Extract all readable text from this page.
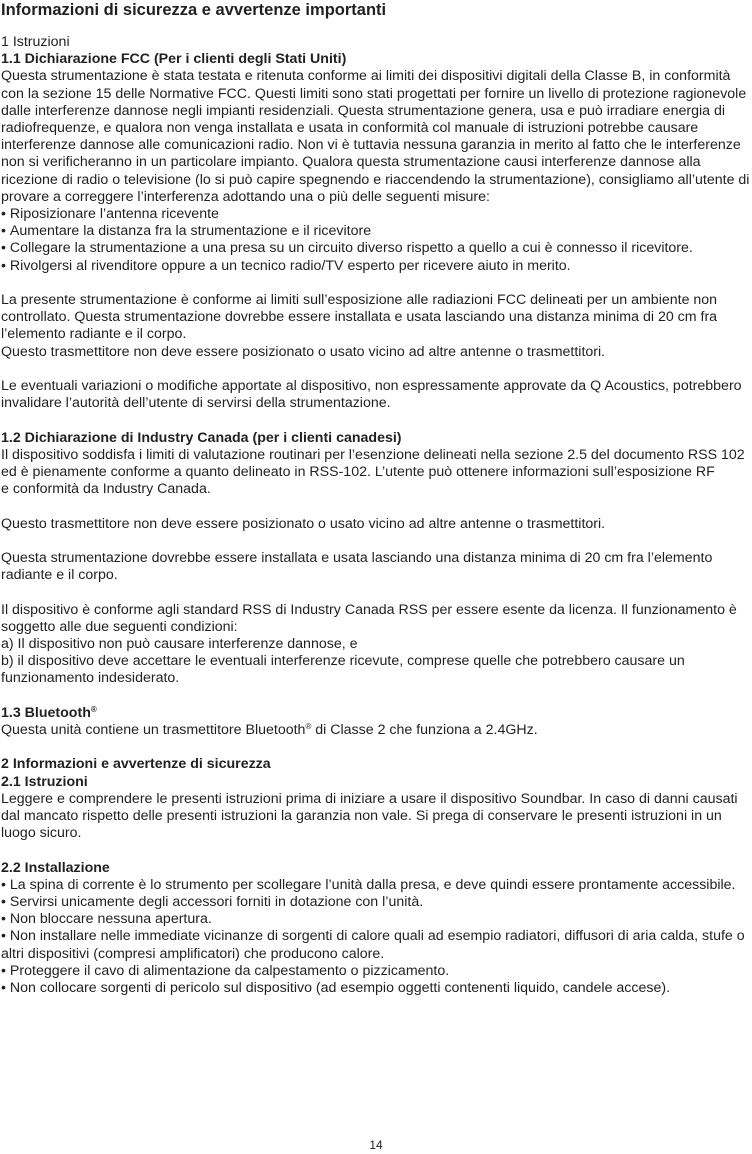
Informazioni di sicurezza e avvertenze importanti

1 Istruzioni

1.1 Dichiarazione FCC (Per i clienti degli Stati Uniti)

Questa strumentazione è stata testata e ritenuta conforme ai limiti dei dispositivi digitali della Classe B, in conformità con la sezione 15 delle Normative FCC. Questi limiti sono stati progettati per fornire un livello di protezione ragionevole dalle interferenze dannose negli impianti residenziali. Questa strumentazione genera, usa e può irradiare energia di radiofrequenze, e qualora non venga installata e usata in conformità col manuale di istruzioni potrebbe causare interferenze dannose alle comunicazioni radio. Non vi è tuttavia nessuna garanzia in merito al fatto che le interferenze non si verificheranno in un particolare impianto. Qualora questa strumentazione causi interferenze dannose alla ricezione di radio o televisione (lo si può capire spegnendo e riaccendendo la strumentazione), consigliamo all’utente di provare a correggere l’interferenza adottando una o più delle seguenti misure:

• Riposizionare l’antenna ricevente
• Aumentare la distanza fra la strumentazione e il ricevitore
• Collegare la strumentazione a una presa su un circuito diverso rispetto a quello a cui è connesso il ricevitore.
• Rivolgersi al rivenditore oppure a un tecnico radio/TV esperto per ricevere aiuto in merito.

La presente strumentazione è conforme ai limiti sull’esposizione alle radiazioni FCC delineati per un ambiente non controllato. Questa strumentazione dovrebbe essere installata e usata lasciando una distanza minima di 20 cm fra l’elemento radiante e il corpo.

Questo trasmettitore non deve essere posizionato o usato vicino ad altre antenne o trasmettitori.

Le eventuali variazioni o modifiche apportate al dispositivo, non espressamente approvate da Q Acoustics, potrebbero invalidare l’autorità dell’utente di servirsi della strumentazione.

1.2 Dichiarazione di Industry Canada (per i clienti canadesi)

Il dispositivo soddisfa i limiti di valutazione routinari per l’esenzione delineati nella sezione 2.5 del documento RSS 102 ed è pienamente conforme a quanto delineato in RSS-102. L’utente può ottenere informazioni sull’esposizione RF

e conformità da Industry Canada.

Questo trasmettitore non deve essere posizionato o usato vicino ad altre antenne o trasmettitori.

Questa strumentazione dovrebbe essere installata e usata lasciando una distanza minima di 20 cm fra l’elemento radiante e il corpo.

Il dispositivo è conforme agli standard RSS di Industry Canada RSS per essere esente da licenza. Il funzionamento è soggetto alle due seguenti condizioni:

a) Il dispositivo non può causare interferenze dannose, e

b) il dispositivo deve accettare le eventuali interferenze ricevute, comprese quelle che potrebbero causare un funzionamento indesiderato.

1.3 Bluetooth®

Questa unità contiene un trasmettitore Bluetooth® di Classe 2 che funziona a 2.4GHz.

2 Informazioni e avvertenze di sicurezza

2.1 Istruzioni

Leggere e comprendere le presenti istruzioni prima di iniziare a usare il dispositivo Soundbar. In caso di danni causati dal mancato rispetto delle presenti istruzioni la garanzia non vale. Si prega di conservare le presenti istruzioni in un luogo sicuro.

2.2 Installazione

• La spina di corrente è lo strumento per scollegare l’unità dalla presa, e deve quindi essere prontamente accessibile.
• Servirsi unicamente degli accessori forniti in dotazione con l’unità.
• Non bloccare nessuna apertura.
• Non installare nelle immediate vicinanze di sorgenti di calore quali ad esempio radiatori, diffusori di aria calda, stufe o altri dispositivi (compresi amplificatori) che producono calore.
• Proteggere il cavo di alimentazione da calpestamento o pizzicamento.
• Non collocare sorgenti di pericolo sul dispositivo (ad esempio oggetti contenenti liquido, candele accese).
14
